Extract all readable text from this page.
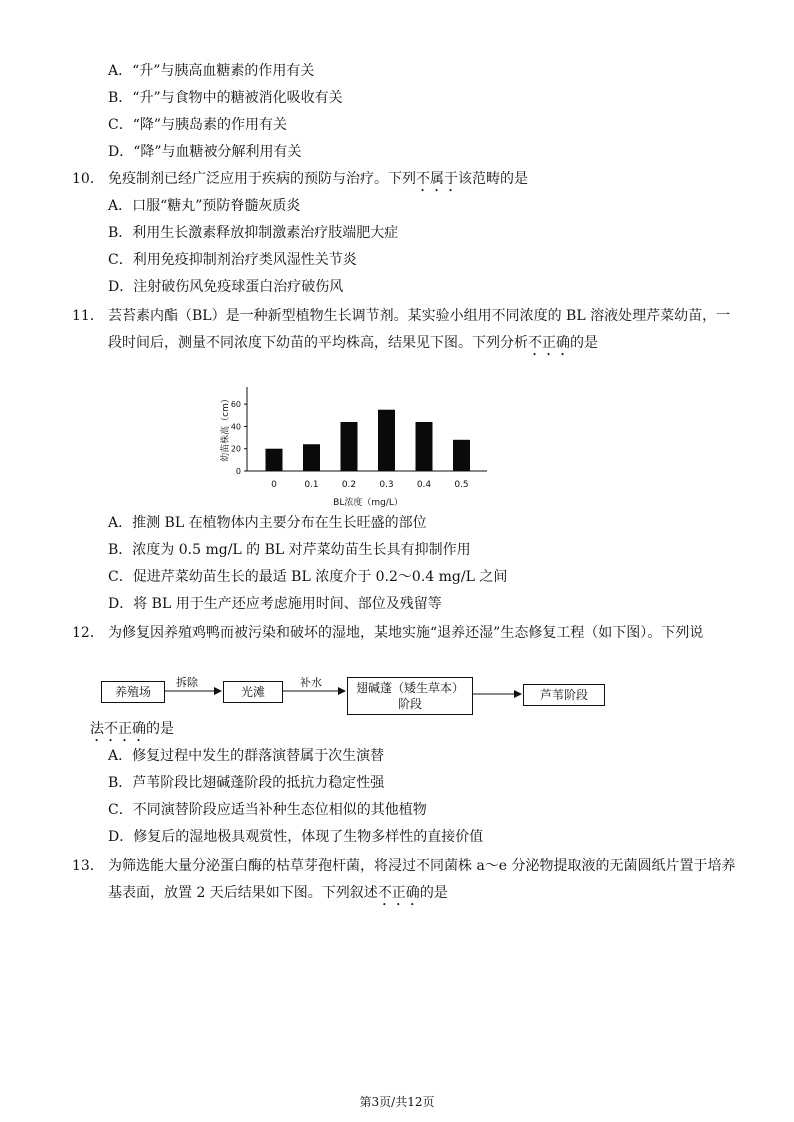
A．“升”与胰高血糖素的作用有关
B．“升”与食物中的糖被消化吸收有关
C．“降”与胰岛素的作用有关
D．“降”与血糖被分解利用有关
10． 免疫制剂已经广泛应用于疾病的预防与治疗。下列不属于该范畴的是
A．口服“糖丸”预防脊髓灰质炎
B．利用生长激素释放抑制激素治疗肢端肥大症
C．利用免疫抑制剂治疗类风湿性关节炎
D．注射破伤风免疫球蛋白治疗破伤风
11． 芸苔素内酯（BL）是一种新型植物生长调节剂。某实验小组用不同浓度的 BL 溶液处理芹菜幼苗，一
段时间后，测量不同浓度下幼苗的平均株高，结果见下图。下列分析不正确的是
0
20
40
60
0	0.1	0.2	0.3	0.4	0.5
BL浓度（mg/L）
幼苗株高（cm）
A．推测 BL 在植物体内主要分布在生长旺盛的部位
B．浓度为 0.5 mg/L 的 BL 对芹菜幼苗生长具有抑制作用
C．促进芹菜幼苗生长的最适 BL 浓度介于 0.2～0.4 mg/L 之间
D．将 BL 用于生产还应考虑施用时间、部位及残留等
12． 为修复因养殖鸡鸭而被污染和破坏的湿地，某地实施“退养还湿”生态修复工程（如下图）。下列说
养殖场
拆除
光滩
补水	翅碱蓬（矮生草本）
阶段
芦苇阶段
法不正确的是
A．修复过程中发生的群落演替属于次生演替
B．芦苇阶段比翅碱蓬阶段的抵抗力稳定性强
C．不同演替阶段应适当补种生态位相似的其他植物
D．修复后的湿地极具观赏性，体现了生物多样性的直接价值
13． 为筛选能大量分泌蛋白酶的枯草芽孢杆菌，将浸过不同菌株 a～e 分泌物提取液的无菌圆纸片置于培养
基表面，放置 2 天后结果如下图。下列叙述不正确的是
第3页/共12页
